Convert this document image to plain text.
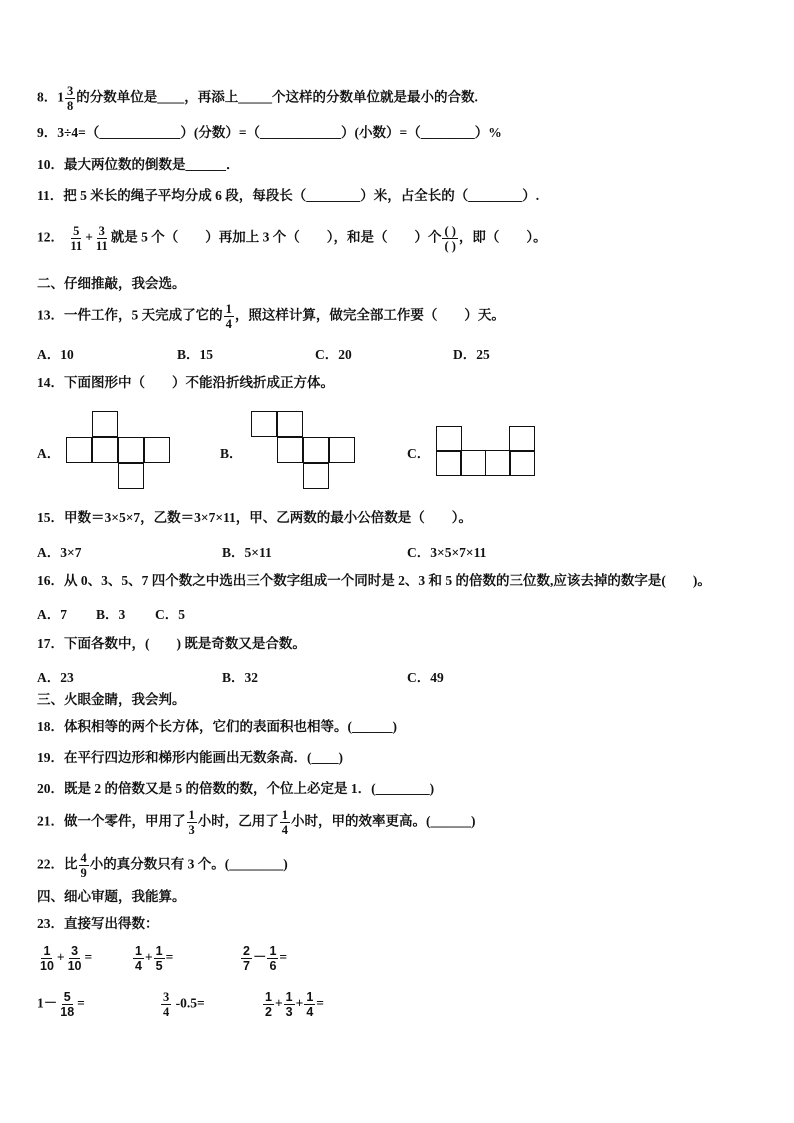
8．$1 \frac{3}{8}$ 的分数单位是____，再添上_____个这样的分数单位就是最小的合数.
9．3÷4=（____________）(分数）=（____________）(小数）=（________）%
10．最大两位数的倒数是______．
11．把 5 米长的绳子平均分成 6 段，每段长（________）米，占全长的（________）.
12． $\frac{5}{11} + \frac{3}{11}$ 就是 5 个（　　）再加上 3 个（　　），和是（　　）个 $\frac{( )}{( )}$ ，即（　　）。
二、仔细推敲，我会选。
13．一件工作，5 天完成了它的 $\frac{1}{4}$ ，照这样计算，做完全部工作要（　　）天。
A．10	B．15	C．20	D．25
14．下面图形中（　　）不能沿折线折成正方体。
A．	B．	C．
15．甲数＝3×5×7，乙数＝3×7×11，甲、乙两数的最小公倍数是（　　）。
A．3×7	B．5×11	C．3×5×7×11
16．从 0、3、5、7 四个数之中选出三个数字组成一个同时是 2、3 和 5 的倍数的三位数,应该去掉的数字是(　　)。
A．7 B．3 C．5
17．下面各数中，(　　) 既是奇数又是合数。
A．23	B．32	C．49
三、火眼金睛，我会判。
18．体积相等的两个长方体，它们的表面积也相等。(______)
19．在平行四边形和梯形内能画出无数条高．(____)
20．既是 2 的倍数又是 5 的倍数的数，个位上必定是 1．(________)
21．做一个零件，甲用了 $\frac{1}{3}$ 小时，乙用了 $\frac{1}{4}$ 小时，甲的效率更高。(______)
22．比 $\frac{4}{9}$ 小的真分数只有 3 个。(________)
四、细心审题，我能算。
23．直接写出得数：
$\frac{1}{10} + \frac{3}{10}$ =	$\frac{1}{4} + \frac{1}{5}$ =	$\frac{2}{7} - \frac{1}{6}$ =
$1- \frac{5}{18}$ =	$\frac{3}{4} -0.5=$	$\frac{1}{2} + \frac{1}{3} + \frac{1}{4}$ =
